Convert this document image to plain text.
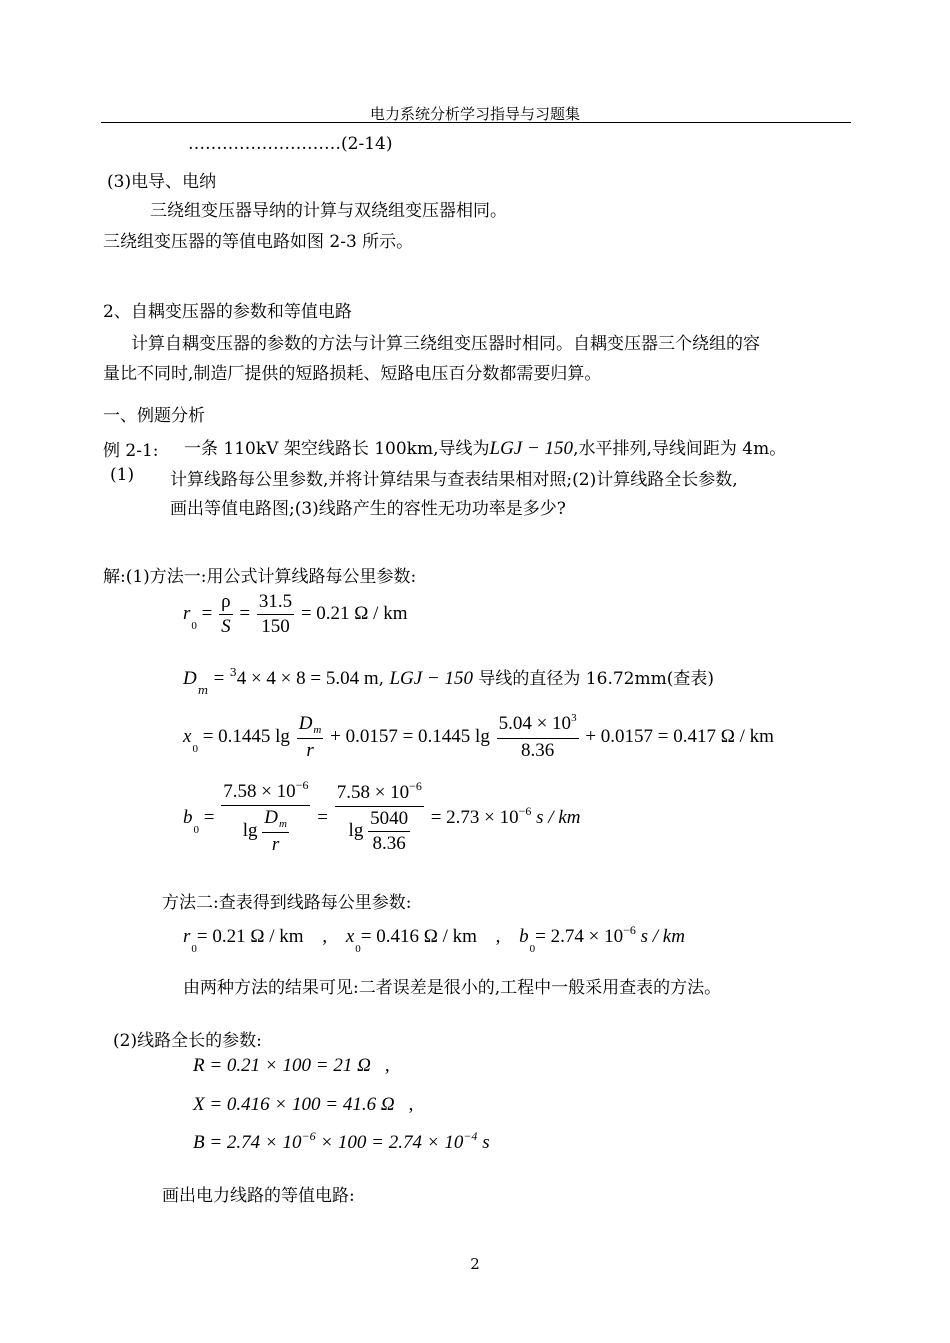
电力系统分析学习指导与习题集
………………………(2-14)
(3)电导、电纳
三绕组变压器导纳的计算与双绕组变压器相同。
三绕组变压器的等值电路如图 2-3 所示。
2、自耦变压器的参数和等值电路
计算自耦变压器的参数的方法与计算三绕组变压器时相同。自耦变压器三个绕组的容
量比不同时,制造厂提供的短路损耗、短路电压百分数都需要归算。
一、例题分析
例 2-1: 一条 110kV 架空线路长 100km,导线为LGJ − 150,水平排列,导线间距为 4m。
(1) 计算线路每公里参数,并将计算结果与查表结果相对照;(2)计算线路全长参数,
画出等值电路图;(3)线路产生的容性无功功率是多少?
解:(1)方法一:用公式计算线路每公里参数:
$r_0 = \frac{\rho}{S} = \frac{31.5}{150} = 0.21$ Ω / km
$D_m = ^34 \times 4 \times 8 = 5.04$ m, LGJ − 150 导线的直径为 16.72mm(查表)
$x_0 = 0.1445$ $\lg \frac{D_m}{r} + 0.0157 = 0.1445$ $\lg \frac{5.04 \times 10^3}{8.36} + 0.0157 = 0.417$ Ω / km
$b_0 = \frac{7.58 \times 10^{-6}}{\lg \frac{D_m}{r}} = \frac{7.58 \times 10^{-6}}{\lg \frac{5040}{8.36}} = 2.73 \times 10^{-6}$ s / km
方法二:查表得到线路每公里参数:
$r_0= 0.21$ Ω / km , $x_0= 0.416$ Ω / km , $b_0= 2.74 \times 10^{-6}$ s / km
由两种方法的结果可见:二者误差是很小的,工程中一般采用查表的方法。
(2)线路全长的参数:
R = 0.21 × 100 = 21 Ω ,
X = 0.416 × 100 = 41.6 Ω ,
$B = 2.74 \times 10^{-6} \times 100 = 2.74 \times 10^{-4}$ s
画出电力线路的等值电路:
2
